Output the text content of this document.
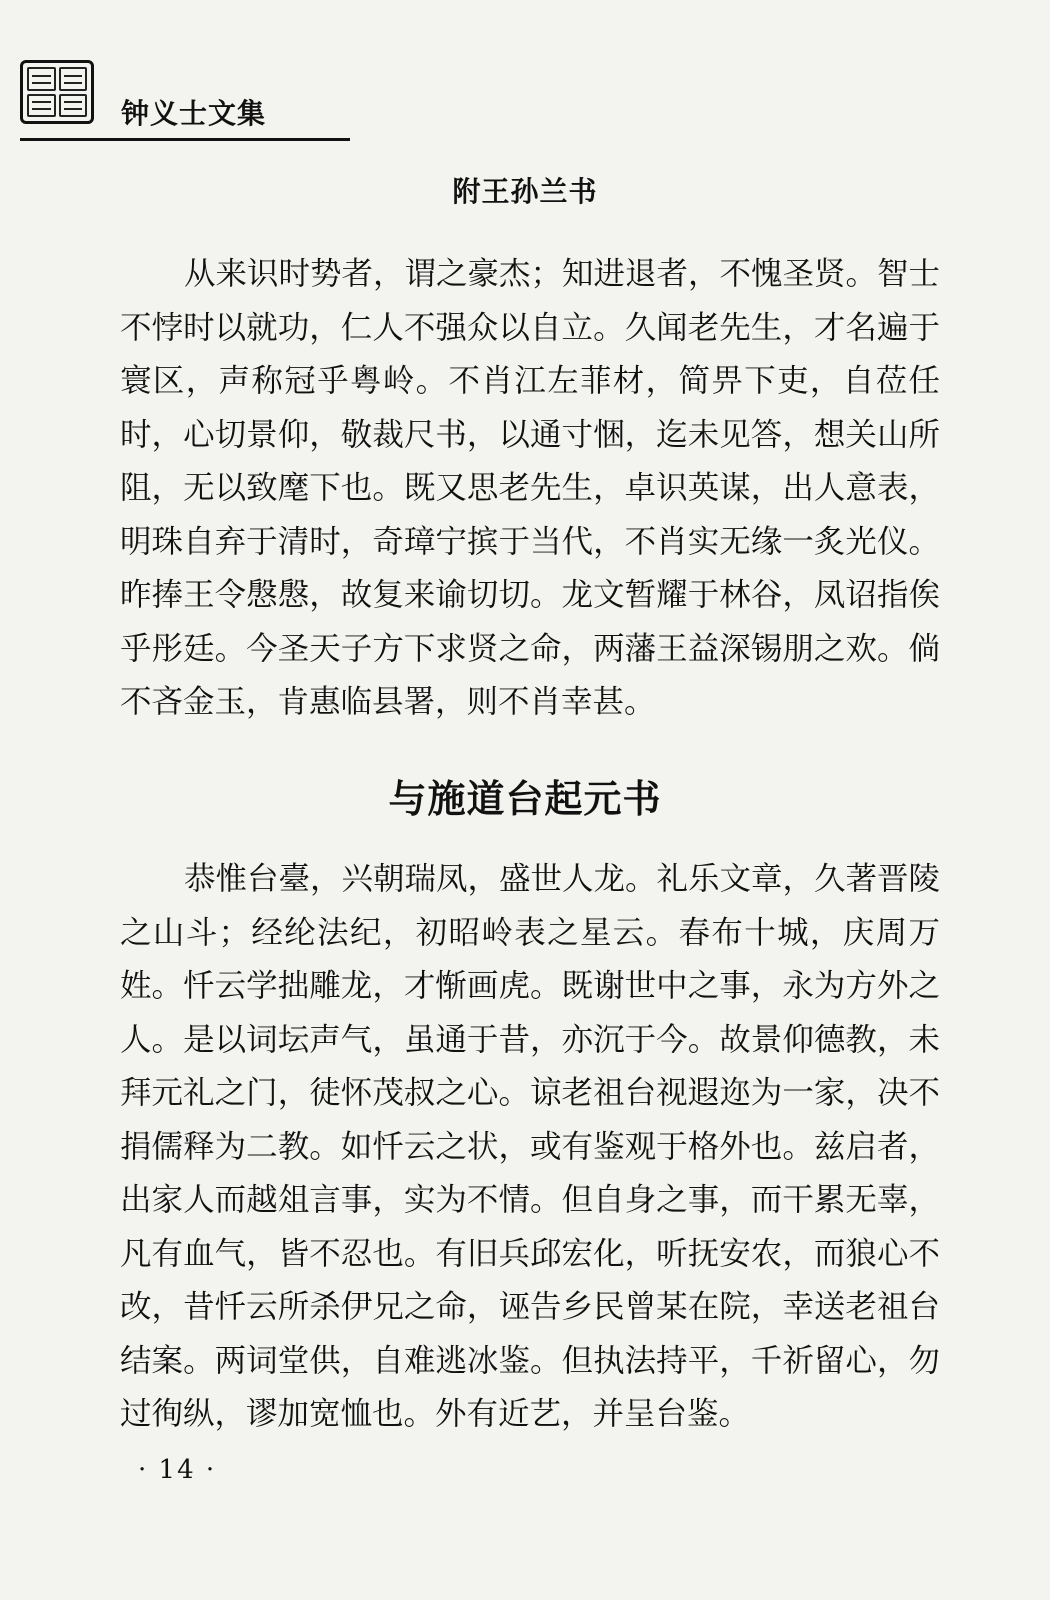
钟义士文集
附王孙兰书

从来识时势者，谓之豪杰；知进退者，不愧圣贤。智士不悖时以就功，仁人不强众以自立。久闻老先生，才名遍于寰区，声称冠乎粤岭。不肖江左菲材，简畀下吏，自莅任时，心切景仰，敬裁尺书，以通寸悃，迄未见答，想关山所阻，无以致麾下也。既又思老先生，卓识英谋，出人意表，明珠自弃于清时，奇璋宁摈于当代，不肖实无缘一炙光仪。昨捧王令慇慇，故复来谕切切。龙文暂耀于林谷，凤诏指俟乎彤廷。今圣天子方下求贤之命，两藩王益深锡朋之欢。倘不吝金玉，肯惠临县署，则不肖幸甚。

与施道台起元书

恭惟台臺，兴朝瑞凤，盛世人龙。礼乐文章，久著晋陵之山斗；经纶法纪，初昭岭表之星云。春布十城，庆周万姓。忏云学拙雕龙，才惭画虎。既谢世中之事，永为方外之人。是以词坛声气，虽通于昔，亦沉于今。故景仰德教，未拜元礼之门，徒怀茂叔之心。谅老祖台视遐迩为一家，决不捐儒释为二教。如忏云之状，或有鉴观于格外也。兹启者，出家人而越俎言事，实为不情。但自身之事，而干累无辜，凡有血气，皆不忍也。有旧兵邱宏化，听抚安农，而狼心不改，昔忏云所杀伊兄之命，诬告乡民曾某在院，幸送老祖台结案。两词堂供，自难逃冰鉴。但执法持平，千祈留心，勿过徇纵，谬加宽恤也。外有近艺，并呈台鉴。

· 14 ·
